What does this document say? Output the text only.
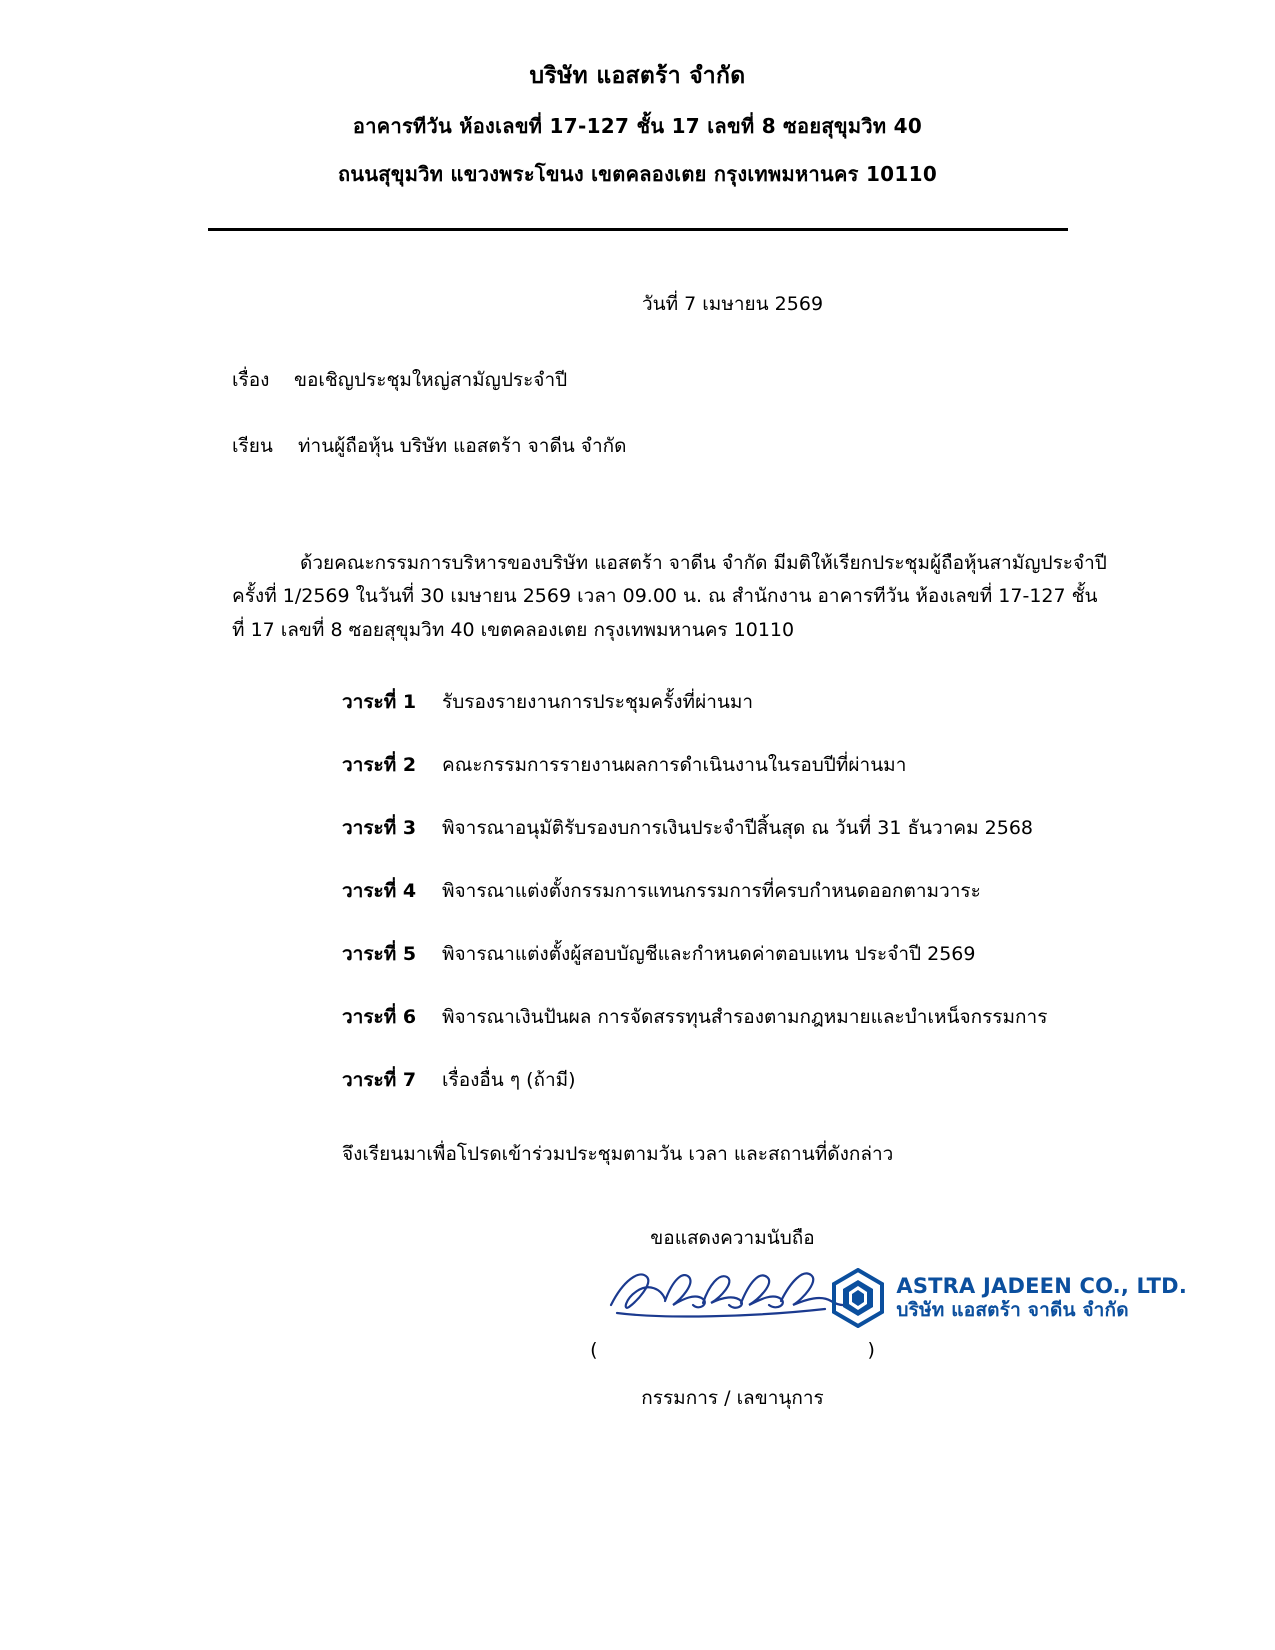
บริษัท แอสตร้า จำกัด
อาคารทีวัน ห้องเลขที่ 17-127 ชั้น 17 เลขที่ 8 ซอยสุขุมวิท 40
ถนนสุขุมวิท แขวงพระโขนง เขตคลองเตย กรุงเทพมหานคร 10110
วันที่ 7 เมษายน 2569
เรื่อง ขอเชิญประชุมใหญ่สามัญประจำปี
เรียน ท่านผู้ถือหุ้น บริษัท แอสตร้า จาดีน จำกัด
ด้วยคณะกรรมการบริหารของบริษัท แอสตร้า จาดีน จำกัด มีมติให้เรียกประชุมผู้ถือหุ้นสามัญประจำปี ครั้งที่ 1/2569 ในวันที่ 30 เมษายน 2569 เวลา 09.00 น. ณ สำนักงาน อาคารทีวัน ห้องเลขที่ 17-127 ชั้นที่ 17 เลขที่ 8 ซอยสุขุมวิท 40 เขตคลองเตย กรุงเทพมหานคร 10110
วาระที่ 1	รับรองรายงานการประชุมครั้งที่ผ่านมา
วาระที่ 2	คณะกรรมการรายงานผลการดำเนินงานในรอบปีที่ผ่านมา
วาระที่ 3	พิจารณาอนุมัติรับรองบการเงินประจำปีสิ้นสุด ณ วันที่ 31 ธันวาคม 2568
วาระที่ 4	พิจารณาแต่งตั้งกรรมการแทนกรรมการที่ครบกำหนดออกตามวาระ
วาระที่ 5	พิจารณาแต่งตั้งผู้สอบบัญชีและกำหนดค่าตอบแทน ประจำปี 2569
วาระที่ 6	พิจารณาเงินปันผล การจัดสรรทุนสำรองตามกฎหมายและบำเหน็จกรรมการ
วาระที่ 7	เรื่องอื่น ๆ (ถ้ามี)
จึงเรียนมาเพื่อโปรดเข้าร่วมประชุมตามวัน เวลา และสถานที่ดังกล่าว
ขอแสดงความนับถือ
(	)
กรรมการ / เลขานุการ
ASTRA JADEEN CO., LTD.
บริษัท แอสตร้า จาดีน จำกัด
